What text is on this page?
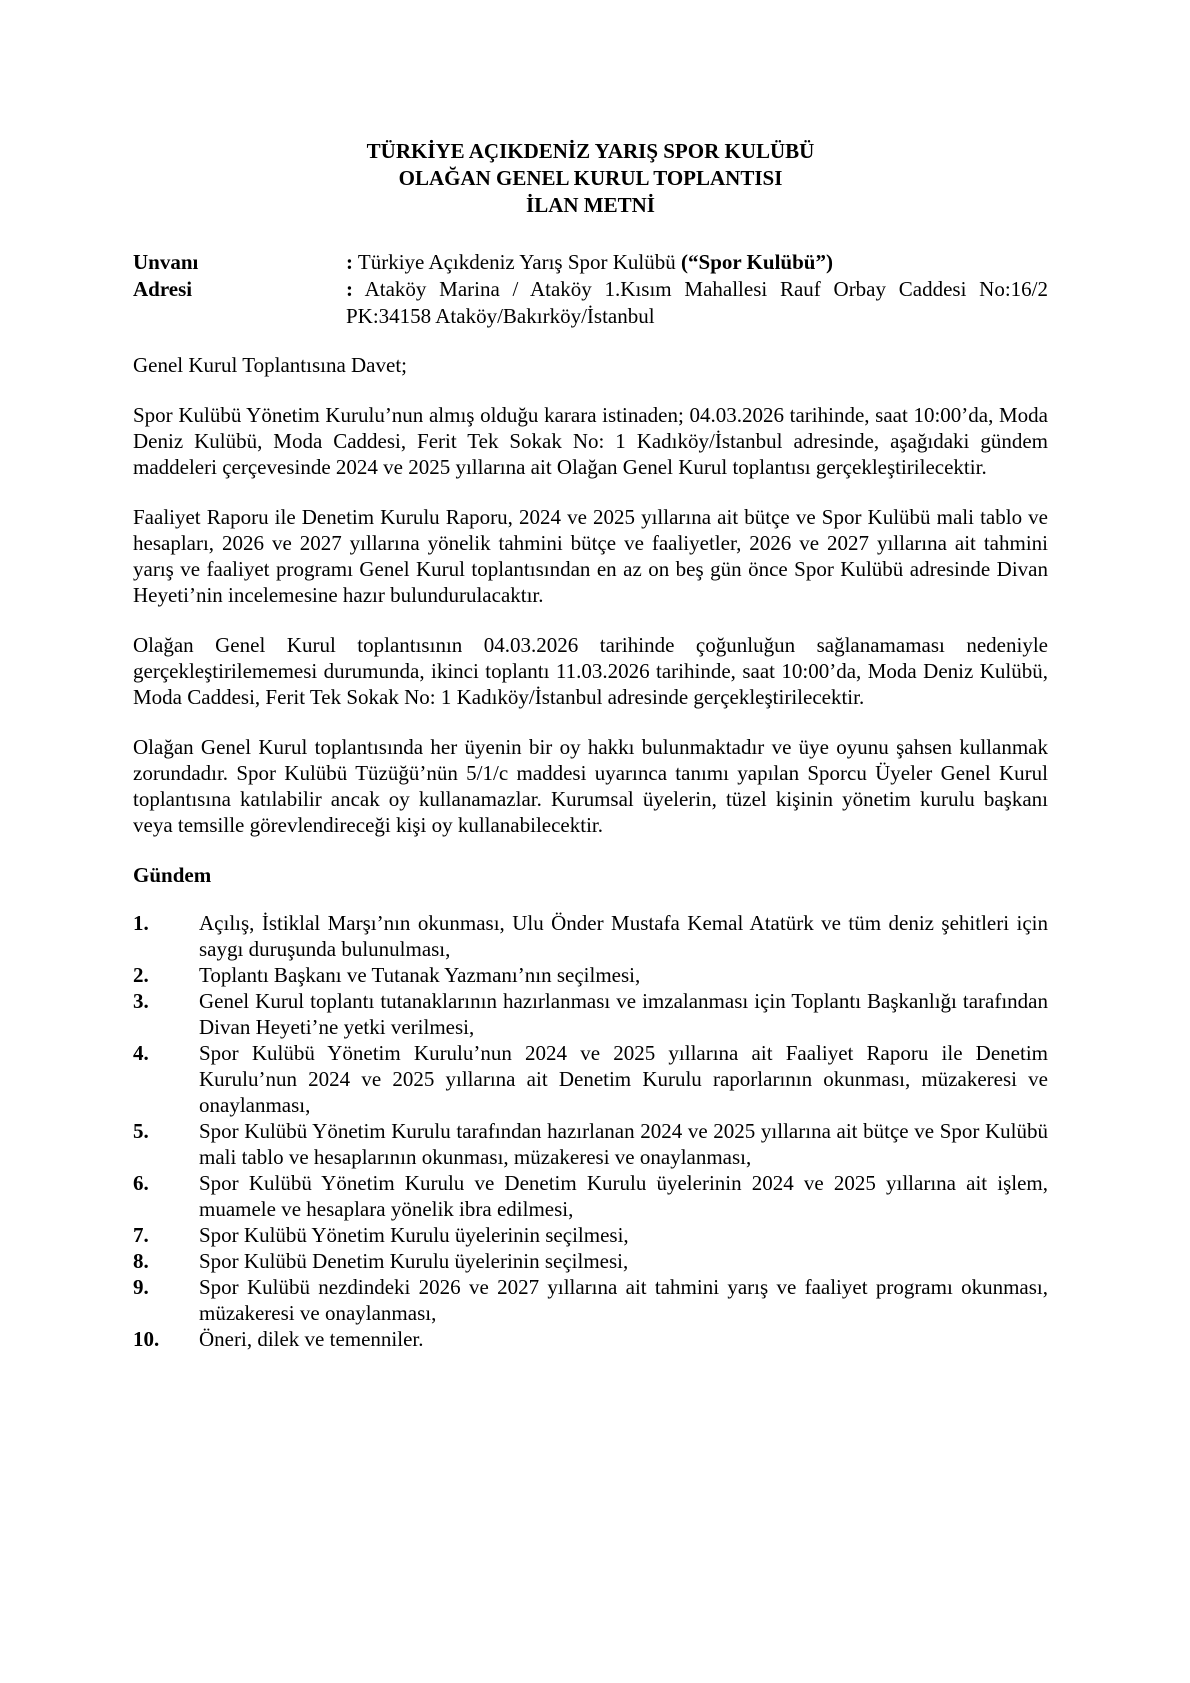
TÜRKİYE AÇIKDENİZ YARIŞ SPOR KULÜBÜ
OLAĞAN GENEL KURUL TOPLANTISI
İLAN METNİ
Unvanı	: Türkiye Açıkdeniz Yarış Spor Kulübü (“Spor Kulübü”)
Adresi	: Ataköy Marina / Ataköy 1.Kısım Mahallesi Rauf Orbay Caddesi No:16/2 PK:34158 Ataköy/Bakırköy/İstanbul
Genel Kurul Toplantısına Davet;
Spor Kulübü Yönetim Kurulu’nun almış olduğu karara istinaden; 04.03.2026 tarihinde, saat 10:00’da, Moda Deniz Kulübü, Moda Caddesi, Ferit Tek Sokak No: 1 Kadıköy/İstanbul adresinde, aşağıdaki gündem maddeleri çerçevesinde 2024 ve 2025 yıllarına ait Olağan Genel Kurul toplantısı gerçekleştirilecektir.
Faaliyet Raporu ile Denetim Kurulu Raporu, 2024 ve 2025 yıllarına ait bütçe ve Spor Kulübü mali tablo ve hesapları, 2026 ve 2027 yıllarına yönelik tahmini bütçe ve faaliyetler, 2026 ve 2027 yıllarına ait tahmini yarış ve faaliyet programı Genel Kurul toplantısından en az on beş gün önce Spor Kulübü adresinde Divan Heyeti’nin incelemesine hazır bulundurulacaktır.
Olağan Genel Kurul toplantısının 04.03.2026 tarihinde çoğunluğun sağlanamaması nedeniyle gerçekleştirilememesi durumunda, ikinci toplantı 11.03.2026 tarihinde, saat 10:00’da, Moda Deniz Kulübü, Moda Caddesi, Ferit Tek Sokak No: 1 Kadıköy/İstanbul adresinde gerçekleştirilecektir.
Olağan Genel Kurul toplantısında her üyenin bir oy hakkı bulunmaktadır ve üye oyunu şahsen kullanmak zorundadır. Spor Kulübü Tüzüğü’nün 5/1/c maddesi uyarınca tanımı yapılan Sporcu Üyeler Genel Kurul toplantısına katılabilir ancak oy kullanamazlar. Kurumsal üyelerin, tüzel kişinin yönetim kurulu başkanı veya temsille görevlendireceği kişi oy kullanabilecektir.
Gündem
1.	Açılış, İstiklal Marşı’nın okunması, Ulu Önder Mustafa Kemal Atatürk ve tüm deniz şehitleri için saygı duruşunda bulunulması,
2.	Toplantı Başkanı ve Tutanak Yazmanı’nın seçilmesi,
3.	Genel Kurul toplantı tutanaklarının hazırlanması ve imzalanması için Toplantı Başkanlığı tarafından Divan Heyeti’ne yetki verilmesi,
4.	Spor Kulübü Yönetim Kurulu’nun 2024 ve 2025 yıllarına ait Faaliyet Raporu ile Denetim Kurulu’nun 2024 ve 2025 yıllarına ait Denetim Kurulu raporlarının okunması, müzakeresi ve onaylanması,
5.	Spor Kulübü Yönetim Kurulu tarafından hazırlanan 2024 ve 2025 yıllarına ait bütçe ve Spor Kulübü mali tablo ve hesaplarının okunması, müzakeresi ve onaylanması,
6.	Spor Kulübü Yönetim Kurulu ve Denetim Kurulu üyelerinin 2024 ve 2025 yıllarına ait işlem, muamele ve hesaplara yönelik ibra edilmesi,
7.	Spor Kulübü Yönetim Kurulu üyelerinin seçilmesi,
8.	Spor Kulübü Denetim Kurulu üyelerinin seçilmesi,
9.	Spor Kulübü nezdindeki 2026 ve 2027 yıllarına ait tahmini yarış ve faaliyet programı okunması, müzakeresi ve onaylanması,
10.	Öneri, dilek ve temenniler.
